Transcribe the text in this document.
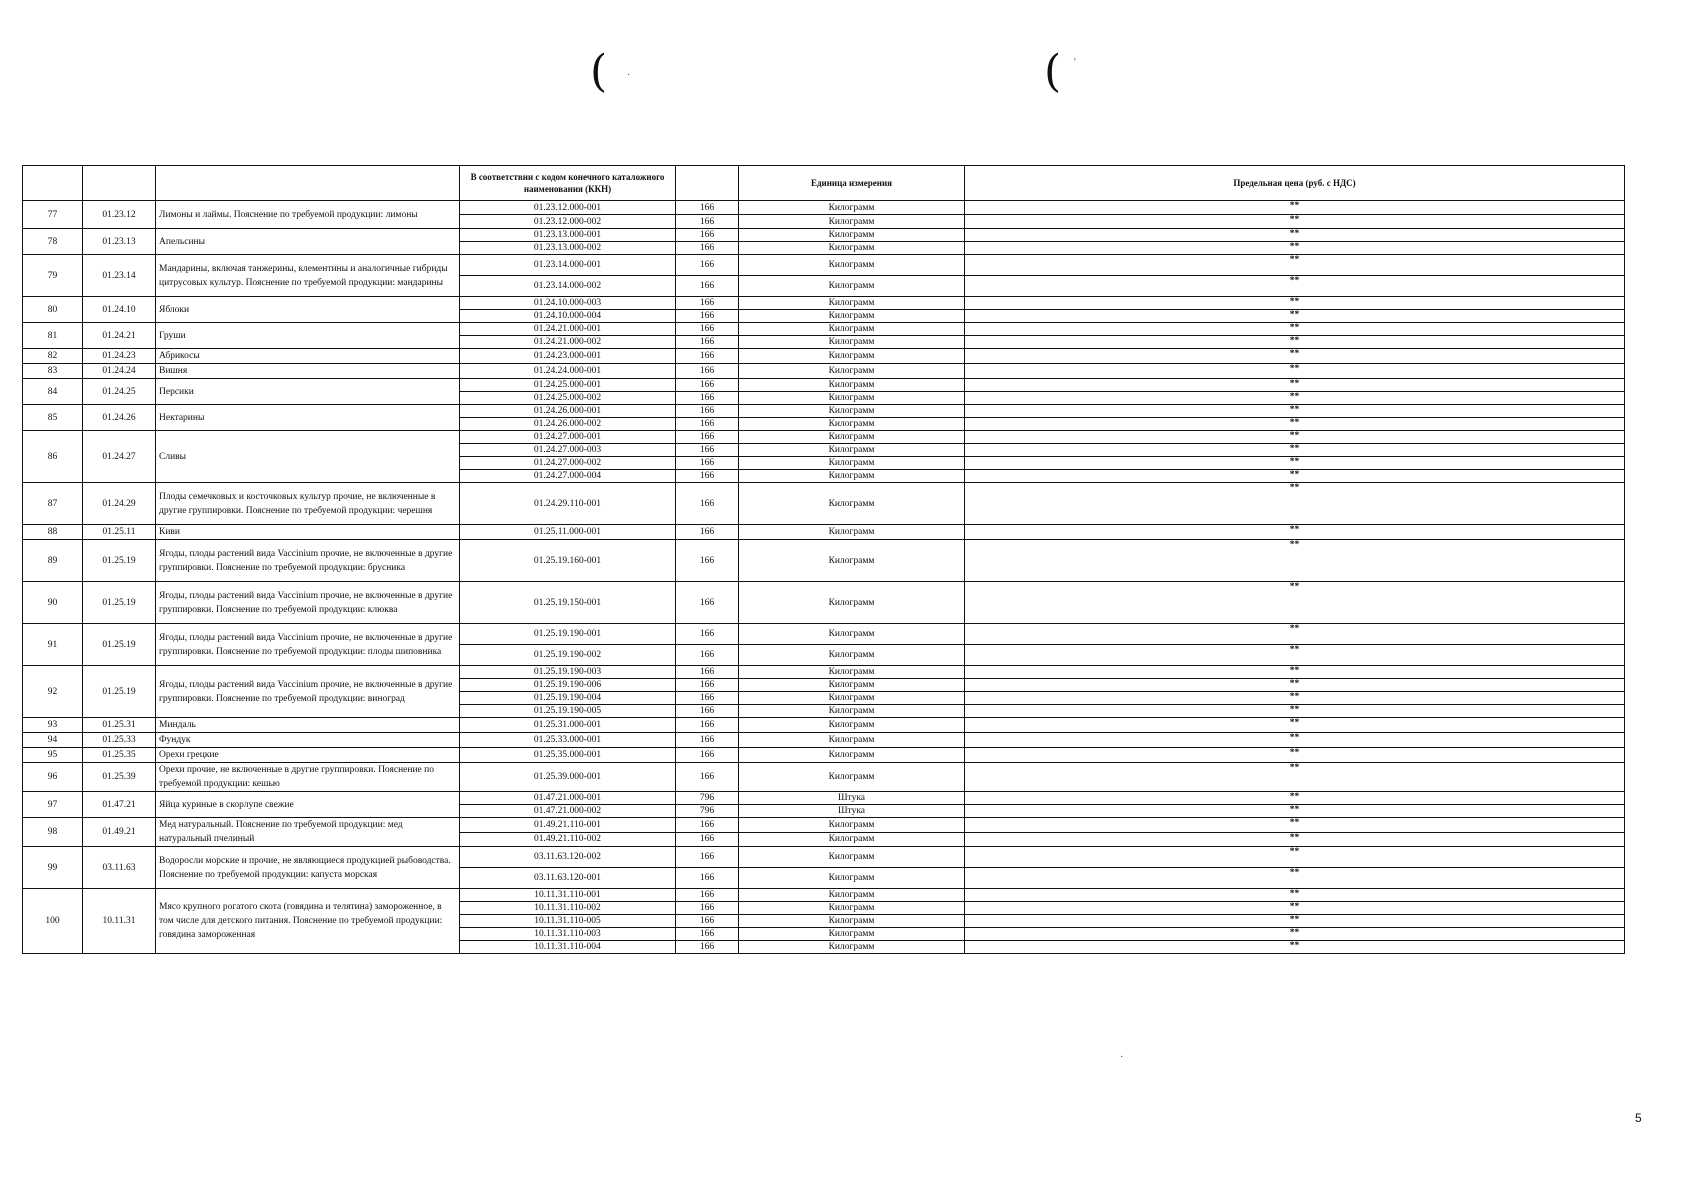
(	(
·
'
·
			В соответствии с кодом конечного каталожного наименования (ККН)		Единица измерения	Предельная цена (руб. с НДС)
77	01.23.12	Лимоны и лаймы. Пояснение по требуемой продукции: лимоны	01.23.12.000-001	166	Килограмм	**
			01.23.12.000-002	166	Килограмм	**
78	01.23.13	Апельсины	01.23.13.000-001	166	Килограмм	**
			01.23.13.000-002	166	Килограмм	**
79	01.23.14	Мандарины, включая танжерины, клементины и аналогичные гибриды цитрусовых культур. Пояснение по требуемой продукции: мандарины	01.23.14.000-001	166	Килограмм	**
			01.23.14.000-002	166	Килограмм	**
80	01.24.10	Яблоки	01.24.10.000-003	166	Килограмм	**
			01.24.10.000-004	166	Килограмм	**
81	01.24.21	Груши	01.24.21.000-001	166	Килограмм	**
			01.24.21.000-002	166	Килограмм	**
82	01.24.23	Абрикосы	01.24.23.000-001	166	Килограмм	**
83	01.24.24	Вишня	01.24.24.000-001	166	Килограмм	**
84	01.24.25	Персики	01.24.25.000-001	166	Килограмм	**
			01.24.25.000-002	166	Килограмм	**
85	01.24.26	Нектарины	01.24.26.000-001	166	Килограмм	**
			01.24.26.000-002	166	Килограмм	**
86	01.24.27	Сливы	01.24.27.000-001	166	Килограмм	**
			01.24.27.000-003	166	Килограмм	**
			01.24.27.000-002	166	Килограмм	**
			01.24.27.000-004	166	Килограмм	**
87	01.24.29	Плоды семечковых и косточковых культур прочие, не включенные в другие группировки. Пояснение по требуемой продукции: черешня	01.24.29.110-001	166	Килограмм	**
88	01.25.11	Киви	01.25.11.000-001	166	Килограмм	**
89	01.25.19	Ягоды, плоды растений вида Vaccinium прочие, не включенные в другие группировки. Пояснение по требуемой продукции: брусника	01.25.19.160-001	166	Килограмм	**
90	01.25.19	Ягоды, плоды растений вида Vaccinium прочие, не включенные в другие группировки. Пояснение по требуемой продукции: клюква	01.25.19.150-001	166	Килограмм	**
91	01.25.19	Ягоды, плоды растений вида Vaccinium прочие, не включенные в другие группировки. Пояснение по требуемой продукции: плоды шиповника	01.25.19.190-001	166	Килограмм	**
			01.25.19.190-002	166	Килограмм	**
92	01.25.19	Ягоды, плоды растений вида Vaccinium прочие, не включенные в другие группировки. Пояснение по требуемой продукции: виноград	01.25.19.190-003	166	Килограмм	**
			01.25.19.190-006	166	Килограмм	**
			01.25.19.190-004	166	Килограмм	**
			01.25.19.190-005	166	Килограмм	**
93	01.25.31	Миндаль	01.25.31.000-001	166	Килограмм	**
94	01.25.33	Фундук	01.25.33.000-001	166	Килограмм	**
95	01.25.35	Орехи грецкие	01.25.35.000-001	166	Килограмм	**
96	01.25.39	Орехи прочие, не включенные в другие группировки. Пояснение по требуемой продукции: кешью	01.25.39.000-001	166	Килограмм	**
97	01.47.21	Яйца куриные в скорлупе свежие	01.47.21.000-001	796	Штука	**
			01.47.21.000-002	796	Штука	**
98	01.49.21	Мед натуральный. Пояснение по требуемой продукции: мед натуральный пчелиный	01.49.21.110-001	166	Килограмм	**
			01.49.21.110-002	166	Килограмм	**
99	03.11.63	Водоросли морские и прочие, не являющиеся продукцией рыбоводства. Пояснение по требуемой продукции: капуста морская	03.11.63.120-002	166	Килограмм	**
			03.11.63.120-001	166	Килограмм	**
100	10.11.31	Мясо крупного рогатого скота (говядина и телятина) замороженное, в том числе для детского питания. Пояснение по требуемой продукции: говядина замороженная	10.11.31.110-001	166	Килограмм	**
			10.11.31.110-002	166	Килограмм	**
			10.11.31.110-005	166	Килограмм	**
			10.11.31.110-003	166	Килограмм	**
			10.11.31.110-004	166	Килограмм	**
5
